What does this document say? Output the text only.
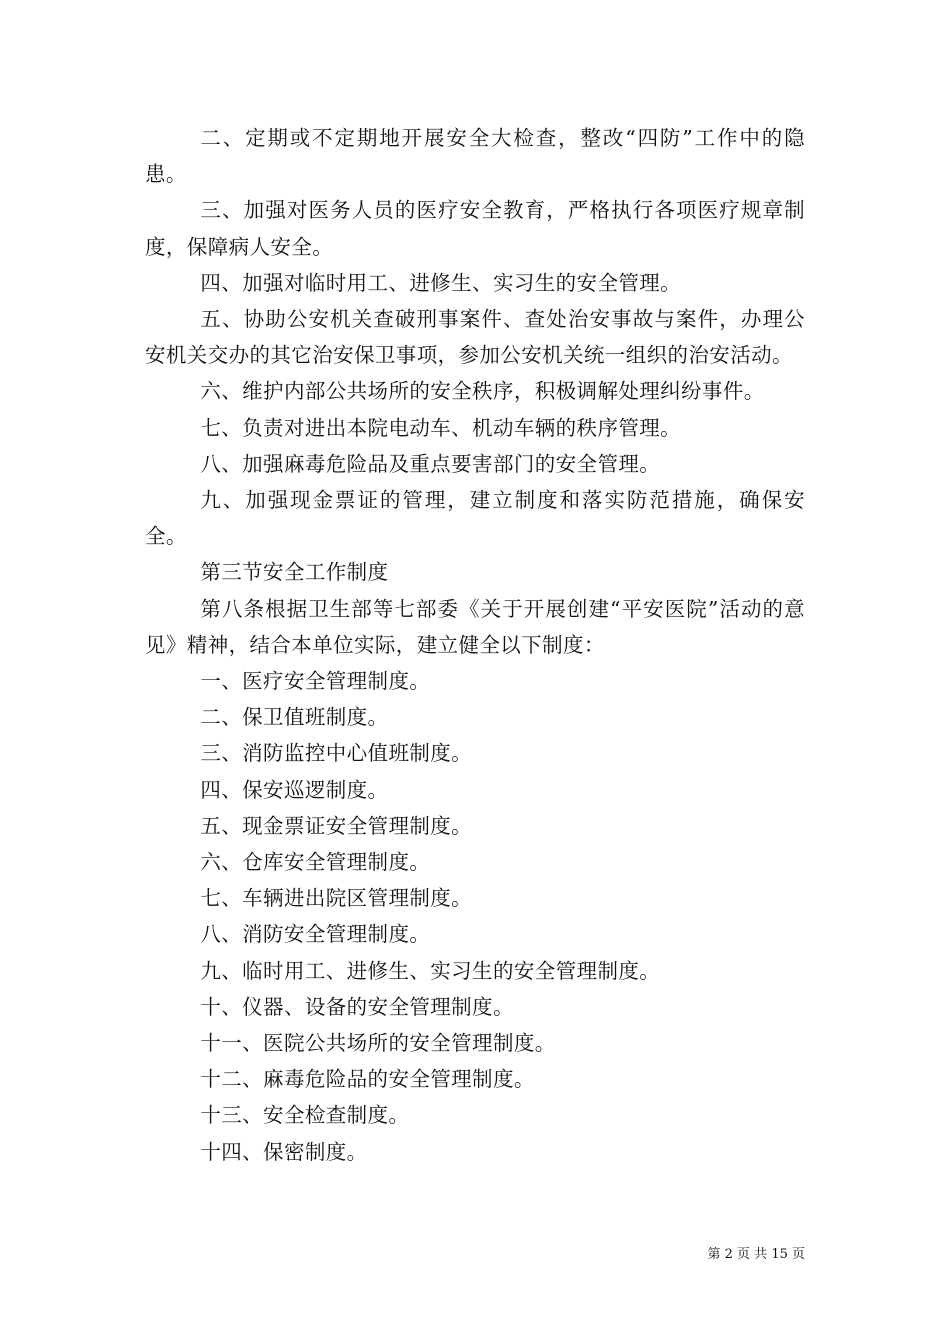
二、定期或不定期地开展安全大检查，整改“四防”工作中的隐患。

三、加强对医务人员的医疗安全教育，严格执行各项医疗规章制度，保障病人安全。

四、加强对临时用工、进修生、实习生的安全管理。

五、协助公安机关查破刑事案件、查处治安事故与案件，办理公安机关交办的其它治安保卫事项，参加公安机关统一组织的治安活动。

六、维护内部公共场所的安全秩序，积极调解处理纠纷事件。

七、负责对进出本院电动车、机动车辆的秩序管理。

八、加强麻毒危险品及重点要害部门的安全管理。

九、加强现金票证的管理，建立制度和落实防范措施，确保安全。

第三节安全工作制度

第八条根据卫生部等七部委《关于开展创建“平安医院”活动的意见》精神，结合本单位实际，建立健全以下制度：

一、医疗安全管理制度。

二、保卫值班制度。

三、消防监控中心值班制度。

四、保安巡逻制度。

五、现金票证安全管理制度。

六、仓库安全管理制度。

七、车辆进出院区管理制度。

八、消防安全管理制度。

九、临时用工、进修生、实习生的安全管理制度。

十、仪器、设备的安全管理制度。

十一、医院公共场所的安全管理制度。

十二、麻毒危险品的安全管理制度。

十三、安全检查制度。

十四、保密制度。

第 2 页 共 15 页
